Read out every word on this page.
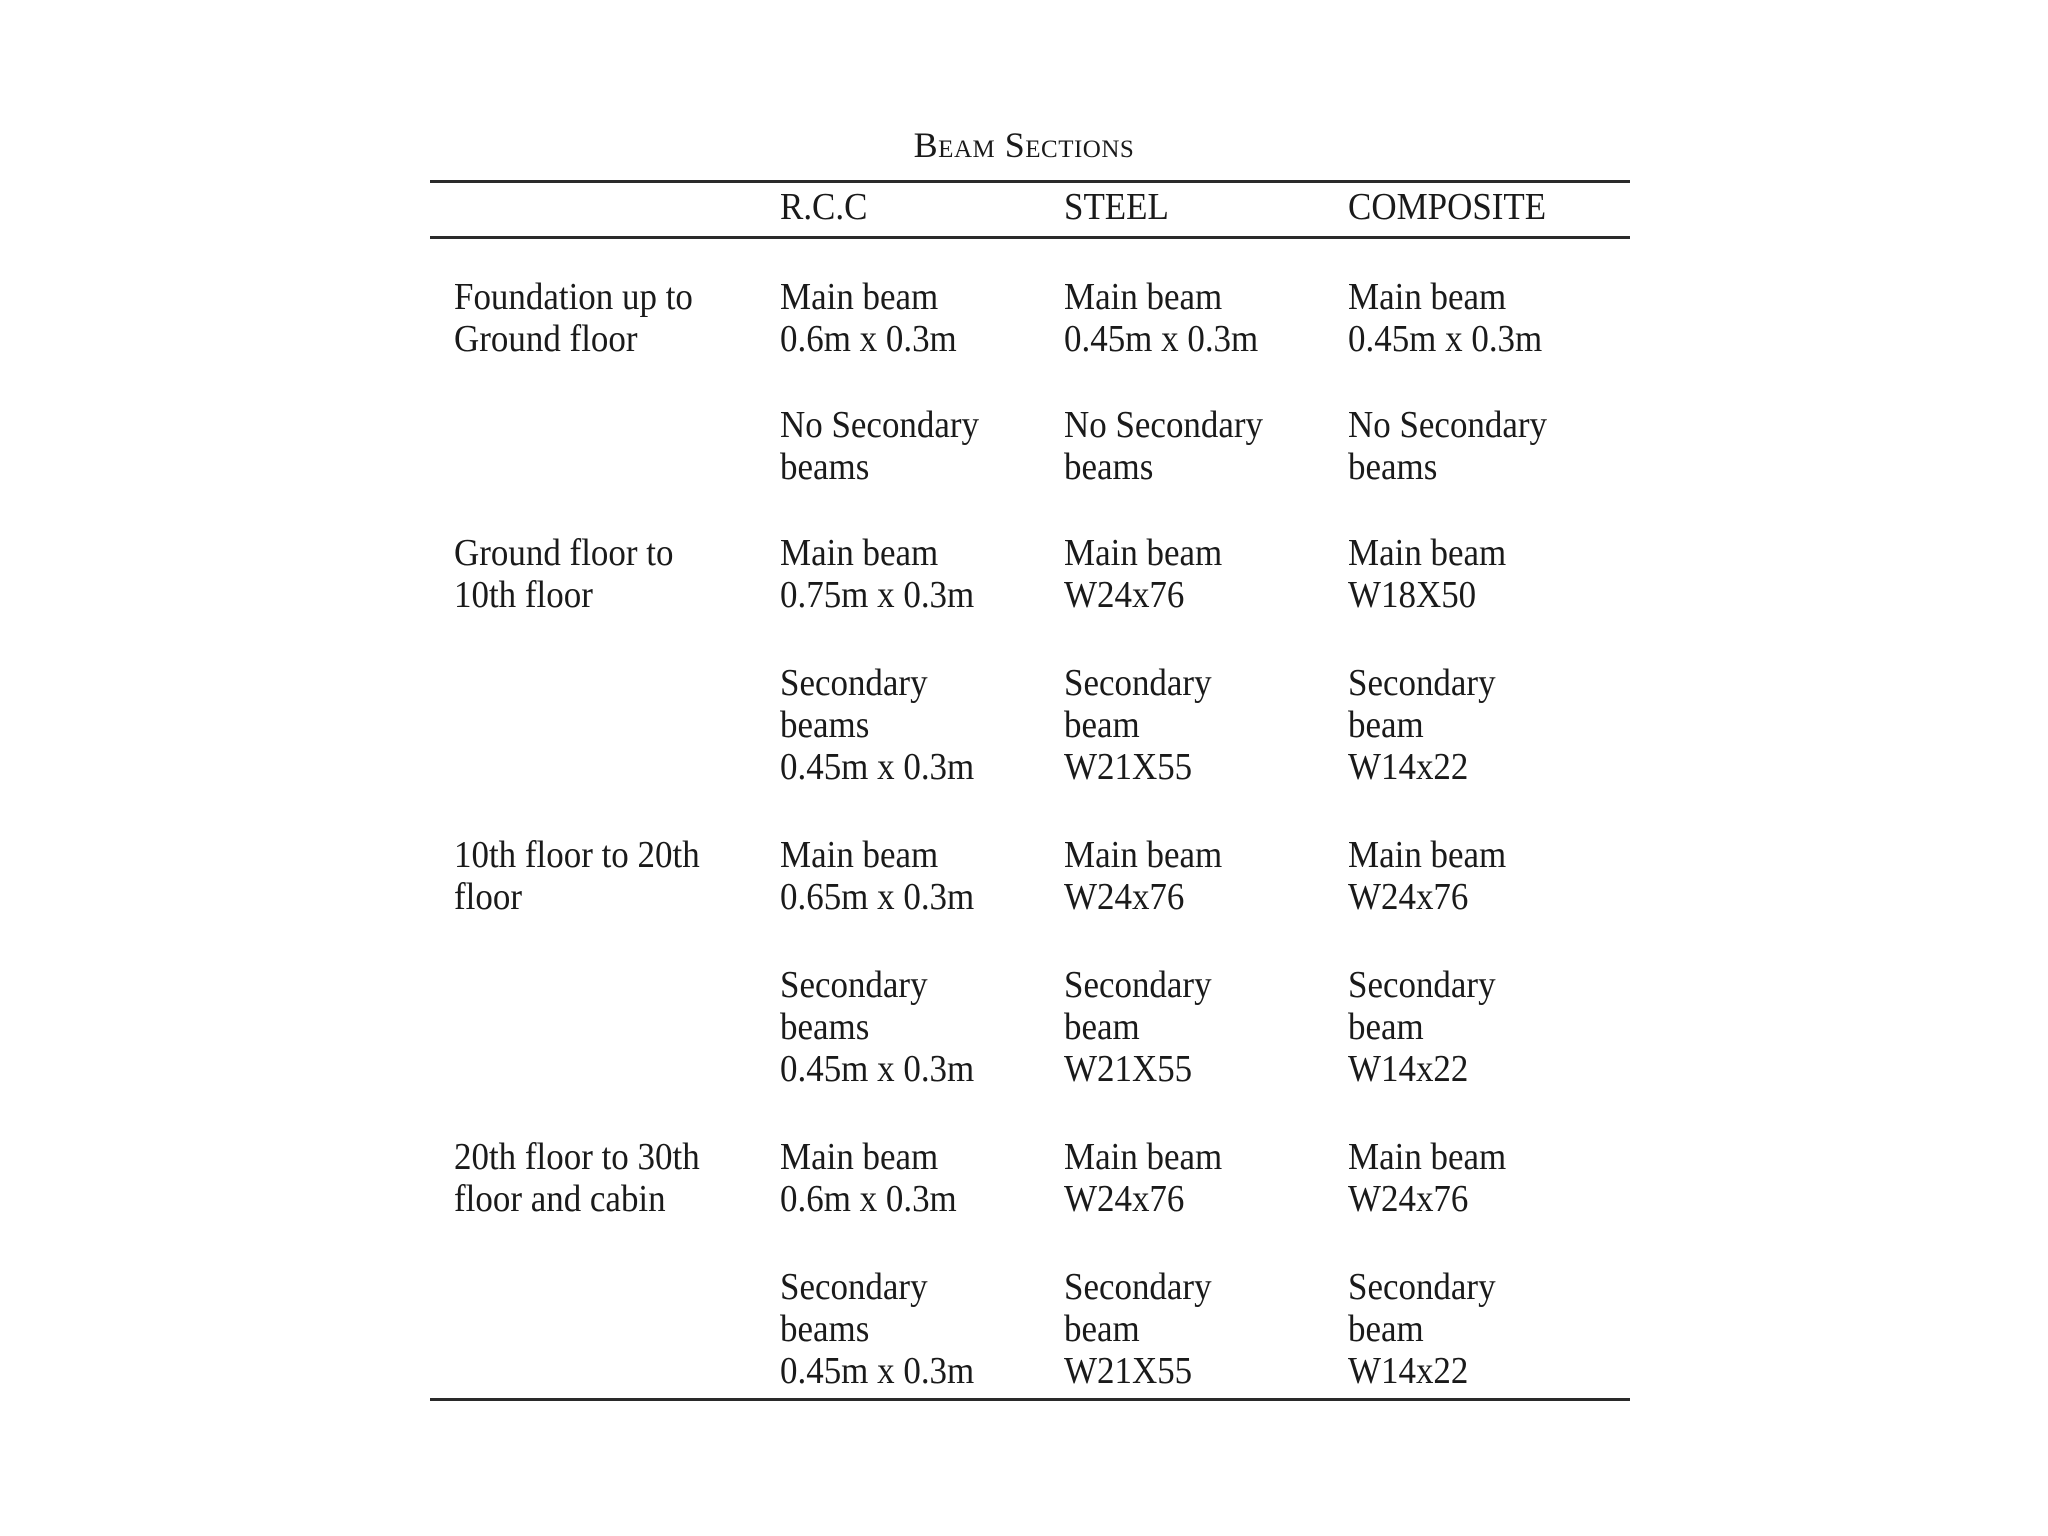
Beam Sections
R.C.C	STEEL	COMPOSITE
Foundation up to
Ground floor
Main beam
0.6m x 0.3m
Main beam
0.45m x 0.3m
Main beam
0.45m x 0.3m
No Secondary
beams
No Secondary
beams
No Secondary
beams
Ground floor to
10th floor
Main beam
0.75m x 0.3m
Main beam
W24x76
Main beam
W18X50
Secondary
beams
0.45m x 0.3m
Secondary
beam
W21X55
Secondary
beam
W14x22
10th floor to 20th
floor
Main beam
0.65m x 0.3m
Main beam
W24x76
Main beam
W24x76
Secondary
beams
0.45m x 0.3m
Secondary
beam
W21X55
Secondary
beam
W14x22
20th floor to 30th
floor and cabin
Main beam
0.6m x 0.3m
Main beam
W24x76
Main beam
W24x76
Secondary
beams
0.45m x 0.3m
Secondary
beam
W21X55
Secondary
beam
W14x22
